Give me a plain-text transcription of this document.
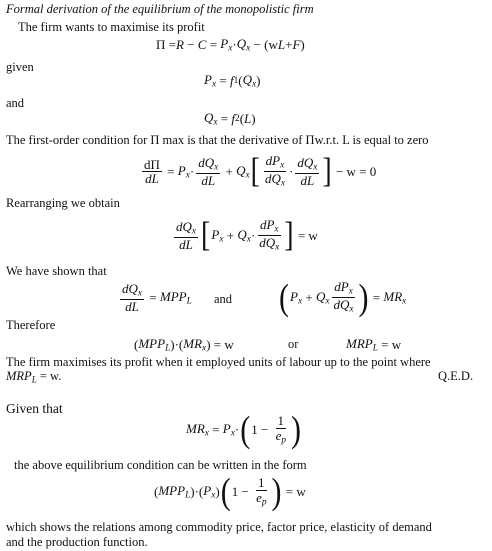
Formal derivation of the equilibrium of the monopolistic firm
The firm wants to maximise its profit
$\Pi = R - C = P_x \cdot Q_x - (w$ L + F )
given
$P_x = f$ 1 ( $Q_x$ )
and
$Q_x = f$ 2 ( L )
The first-order condition for Π max is that the derivative of Πw.r.t. L is equal to zero
$\frac{d\Pi}{dL} = P_x \cdot \frac{dQ_x}{dL} + Q_x$ [ $\frac{dP_x}{dQ_x} \cdot \frac{dQ_x}{dL}$ ] − w = 0
Rearranging we obtain
$\frac{dQ_x}{dL}$ [ $P_x + Q_x \cdot \frac{dP_x}{dQ_x}$ ] = w
We have shown that
$\frac{dQ_x}{dL} = MPP_L$ and ( $P_x + Q_x \frac{dP_x}{dQ_x}$ ) = $MR_x$
Therefore
( $MPP_L$ )·( $MR_x$ ) = w	or	$MRP_L = w$
The firm maximises its profit when it employed units of labour up to the point where
$MRP_L = w$.	Q.E.D.
Given that
$MR_x = P_x$ · ( $1 - \frac{1}{e_p}$ )
the above equilibrium condition can be written in the form
( $MPP_L$ )·( $P_x$ ) ( $1 - \frac{1}{e_p}$ ) = w
which shows the relations among commodity price, factor price, elasticity of demand
and the production function.
